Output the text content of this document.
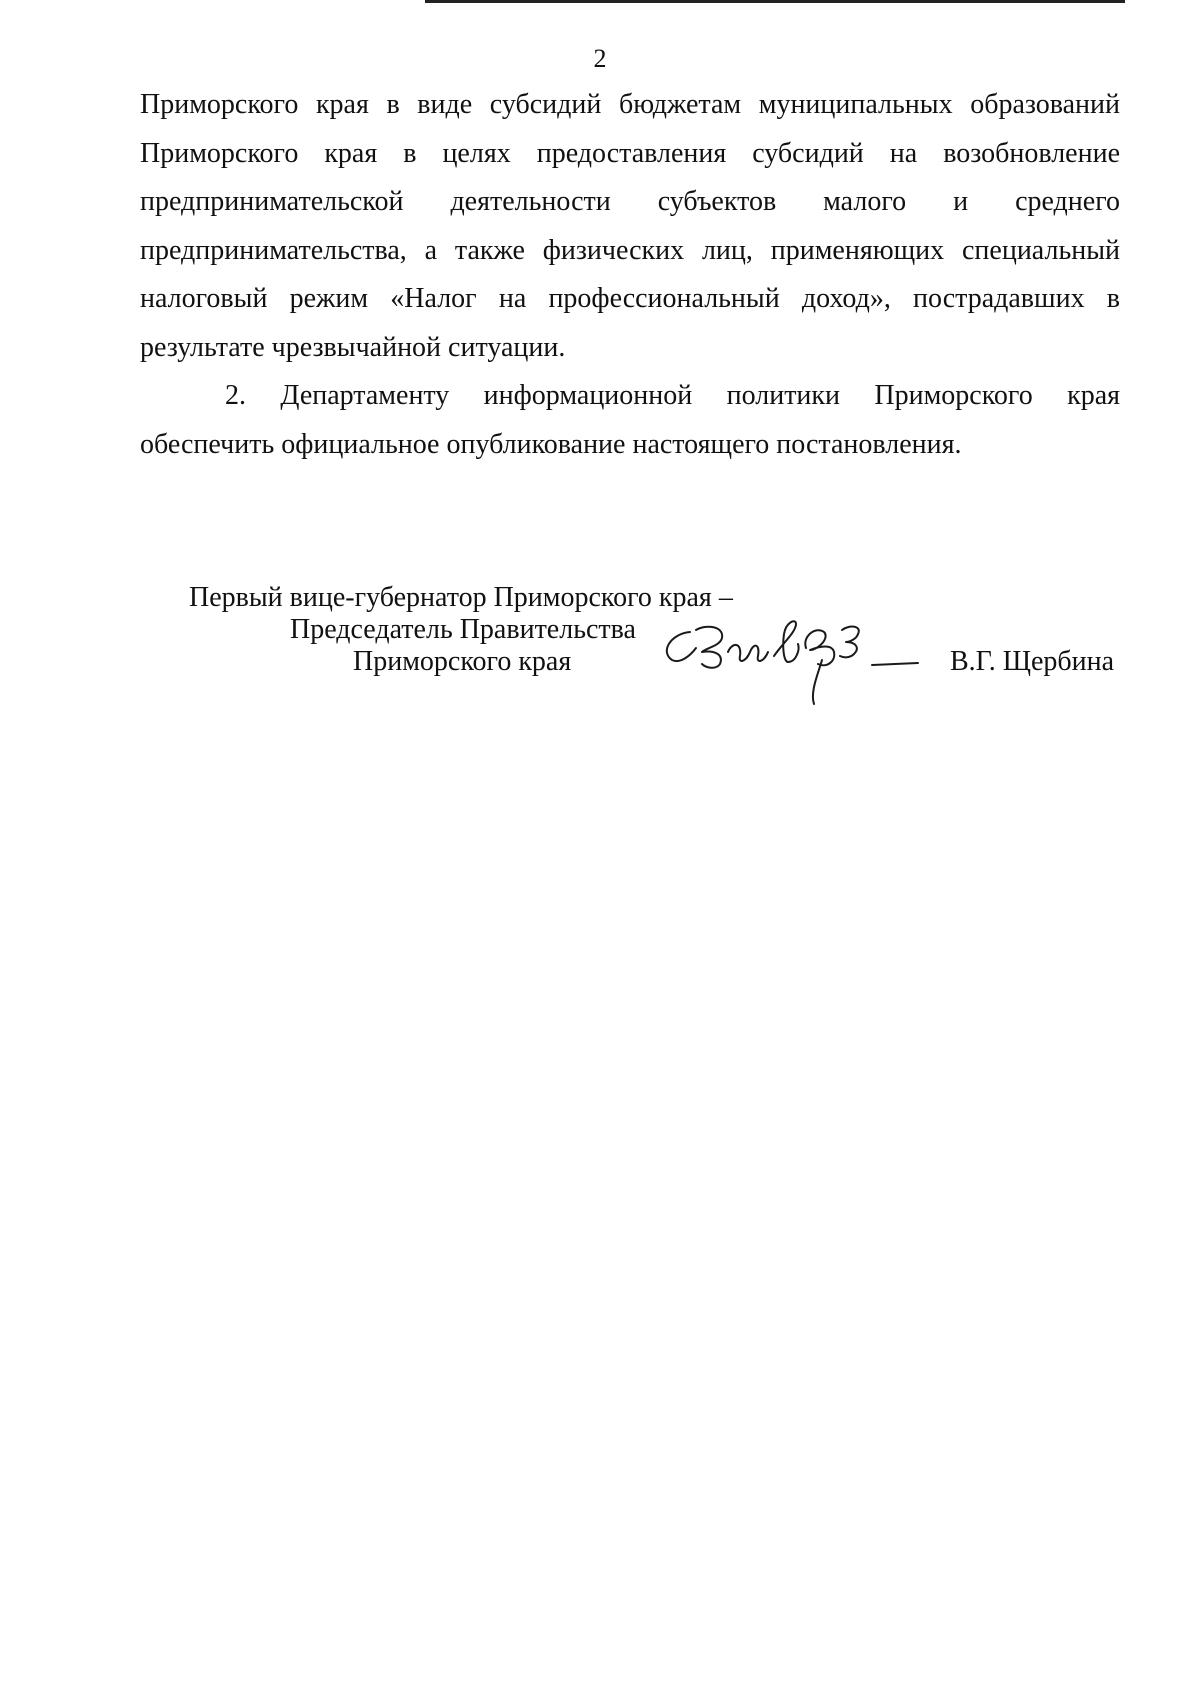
2

Приморского края в виде субсидий бюджетам муниципальных образований
Приморского края в целях предоставления субсидий на возобновление
предпринимательской деятельности субъектов малого и среднего
предпринимательства, а также физических лиц, применяющих специальный
налоговый режим «Налог на профессиональный доход», пострадавших в
результате чрезвычайной ситуации.

2. Департаменту информационной политики Приморского края
обеспечить официальное опубликование настоящего постановления.

Первый вице-губернатор Приморского края –
Председатель Правительства
Приморского края	В.Г. Щербина
